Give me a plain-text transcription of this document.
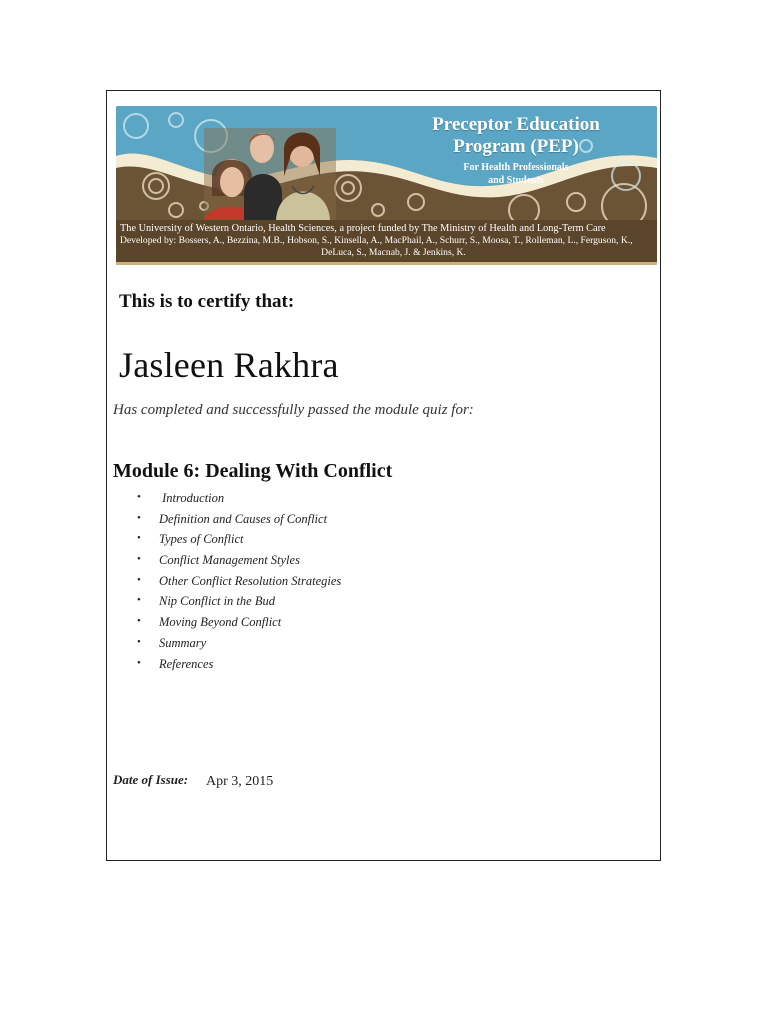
Preceptor Education
Program (PEP)
For Health Professionals
and Students
The University of Western Ontario, Health Sciences, a project funded by The Ministry of Health and Long-Term Care
Developed by: Bossers, A., Bezzina, M.B., Hobson, S., Kinsella, A., MacPhail, A., Schurr, S., Moosa, T., Rolleman, L., Ferguson, K.,
DeLuca, S., Macnab, J. & Jenkins, K.
This is to certify that:
Jasleen Rakhra
Has completed and successfully passed the module quiz for:
Module 6: Dealing With Conflict
• Introduction
• Definition and Causes of Conflict
• Types of Conflict
• Conflict Management Styles
• Other Conflict Resolution Strategies
• Nip Conflict in the Bud
• Moving Beyond Conflict
• Summary
• References
Date of Issue: Apr 3, 2015
